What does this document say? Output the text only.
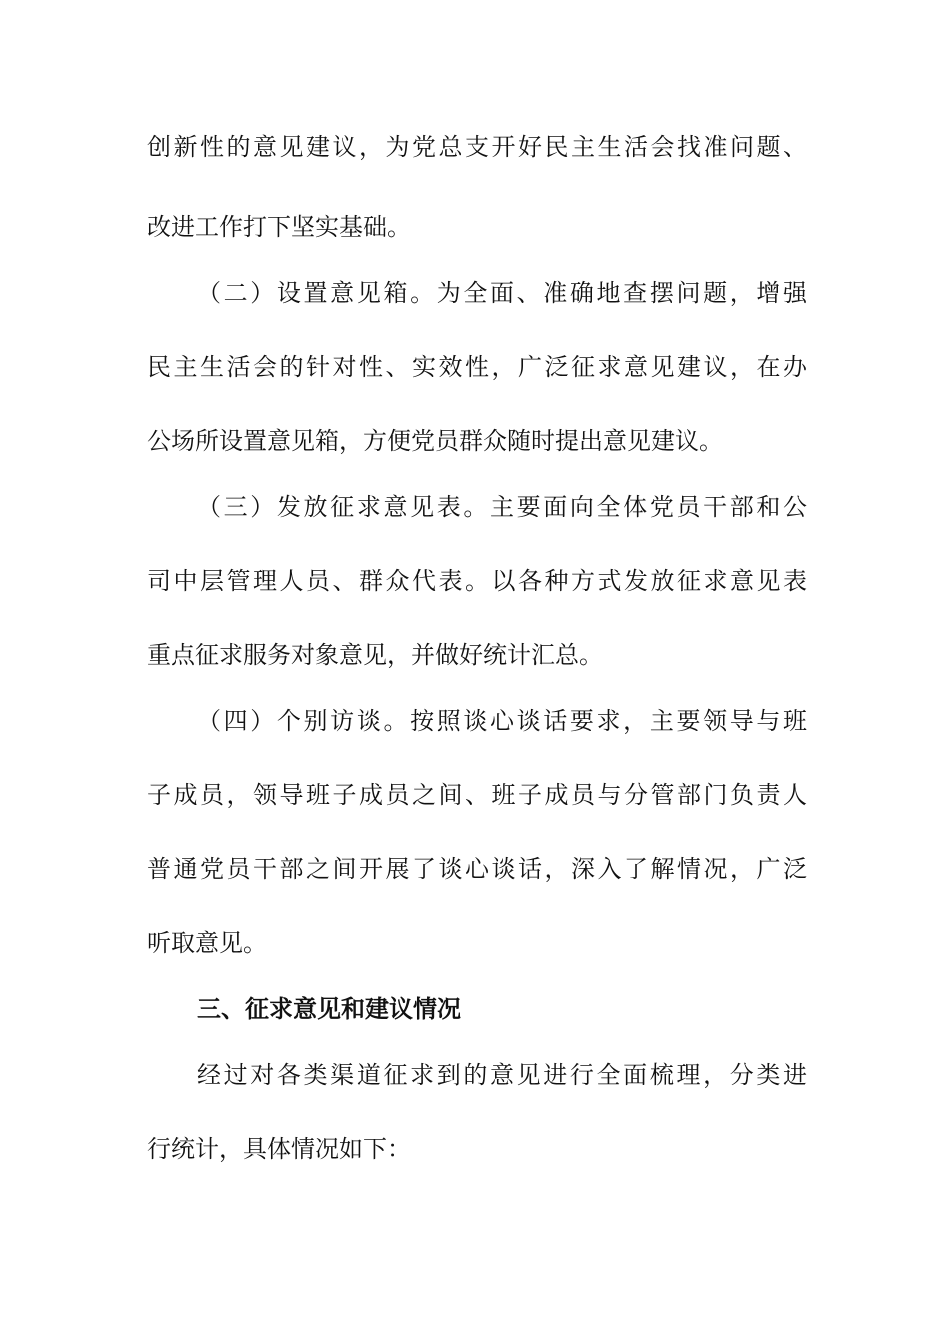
创新性的意见建议，为党总支开好民主生活会找准问题、
改进工作打下坚实基础。
（二）设置意见箱。为全面、准确地查摆问题，增强
民主生活会的针对性、实效性，广泛征求意见建议，在办
公场所设置意见箱，方便党员群众随时提出意见建议。
（三）发放征求意见表。主要面向全体党员干部和公
司中层管理人员、群众代表。以各种方式发放征求意见表
重点征求服务对象意见，并做好统计汇总。
（四）个别访谈。按照谈心谈话要求，主要领导与班
子成员，领导班子成员之间、班子成员与分管部门负责人
普通党员干部之间开展了谈心谈话，深入了解情况，广泛
听取意见。
三、征求意见和建议情况
经过对各类渠道征求到的意见进行全面梳理，分类进
行统计，具体情况如下：
